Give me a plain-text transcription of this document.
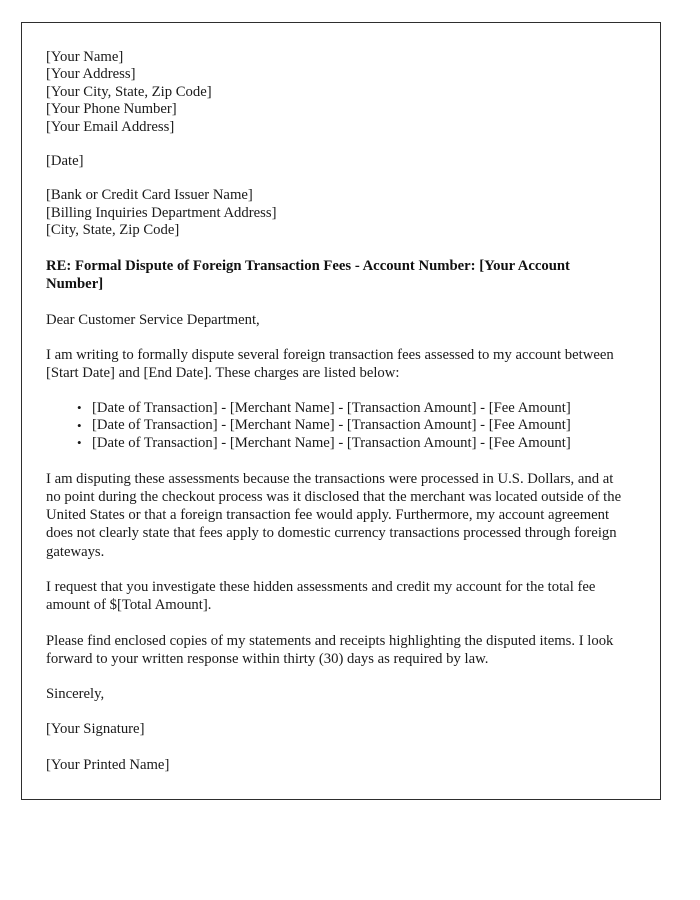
[Your Name]
[Your Address]
[Your City, State, Zip Code]
[Your Phone Number]
[Your Email Address]
[Date]
[Bank or Credit Card Issuer Name]
[Billing Inquiries Department Address]
[City, State, Zip Code]
RE: Formal Dispute of Foreign Transaction Fees - Account Number: [Your Account Number]
Dear Customer Service Department,
I am writing to formally dispute several foreign transaction fees assessed to my account between [Start Date] and [End Date]. These charges are listed below:
• [Date of Transaction] - [Merchant Name] - [Transaction Amount] - [Fee Amount]
• [Date of Transaction] - [Merchant Name] - [Transaction Amount] - [Fee Amount]
• [Date of Transaction] - [Merchant Name] - [Transaction Amount] - [Fee Amount]
I am disputing these assessments because the transactions were processed in U.S. Dollars, and at no point during the checkout process was it disclosed that the merchant was located outside of the United States or that a foreign transaction fee would apply. Furthermore, my account agreement does not clearly state that fees apply to domestic currency transactions processed through foreign gateways.
I request that you investigate these hidden assessments and credit my account for the total fee amount of $[Total Amount].
Please find enclosed copies of my statements and receipts highlighting the disputed items. I look forward to your written response within thirty (30) days as required by law.
Sincerely,
[Your Signature]
[Your Printed Name]
